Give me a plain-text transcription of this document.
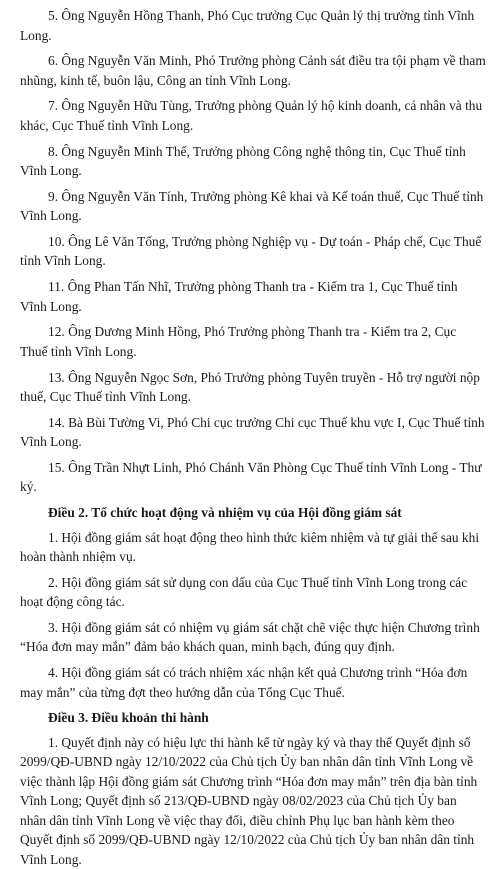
5. Ông Nguyễn Hồng Thanh, Phó Cục trưởng Cục Quản lý thị trường tỉnh Vĩnh Long.

6. Ông Nguyễn Văn Minh, Phó Trưởng phòng Cảnh sát điều tra tội phạm về tham nhũng, kinh tế, buôn lậu, Công an tỉnh Vĩnh Long.

7. Ông Nguyễn Hữu Tùng, Trưởng phòng Quản lý hộ kinh doanh, cá nhân và thu khác, Cục Thuế tỉnh Vĩnh Long.

8. Ông Nguyễn Minh Thế, Trưởng phòng Công nghệ thông tin, Cục Thuế tỉnh Vĩnh Long.

9. Ông Nguyễn Văn Tính, Trưởng phòng Kê khai và Kế toán thuế, Cục Thuế tỉnh Vĩnh Long.

10. Ông Lê Văn Tống, Trưởng phòng Nghiệp vụ - Dự toán - Pháp chế, Cục Thuế tỉnh Vĩnh Long.

11. Ông Phan Tấn Nhĩ, Trưởng phòng Thanh tra - Kiểm tra 1, Cục Thuế tỉnh Vĩnh Long.

12. Ông Dương Minh Hồng, Phó Trưởng phòng Thanh tra - Kiểm tra 2, Cục Thuế tỉnh Vĩnh Long.

13. Ông Nguyễn Ngọc Sơn, Phó Trưởng phòng Tuyên truyền - Hỗ trợ người nộp thuế, Cục Thuế tỉnh Vĩnh Long.

14. Bà Bùi Tường Vi, Phó Chi cục trưởng Chi cục Thuế khu vực I, Cục Thuế tỉnh Vĩnh Long.

15. Ông Trần Nhựt Linh, Phó Chánh Văn Phòng Cục Thuế tỉnh Vĩnh Long - Thư ký.

Điều 2. Tổ chức hoạt động và nhiệm vụ của Hội đồng giám sát

1. Hội đồng giám sát hoạt động theo hình thức kiêm nhiệm và tự giải thể sau khi hoàn thành nhiệm vụ.

2. Hội đồng giám sát sử dụng con dấu của Cục Thuế tỉnh Vĩnh Long trong các hoạt động công tác.

3. Hội đồng giám sát có nhiệm vụ giám sát chặt chẽ việc thực hiện Chương trình “Hóa đơn may mắn” đảm bảo khách quan, minh bạch, đúng quy định.

4. Hội đồng giám sát có trách nhiệm xác nhận kết quả Chương trình “Hóa đơn may mắn” của từng đợt theo hướng dẫn của Tổng Cục Thuế.

Điều 3. Điều khoản thi hành

1. Quyết định này có hiệu lực thi hành kể từ ngày ký và thay thế Quyết định số 2099/QĐ-UBND ngày 12/10/2022 của Chủ tịch Ủy ban nhân dân tỉnh Vĩnh Long về việc thành lập Hội đồng giám sát Chương trình “Hóa đơn may mắn” trên địa bàn tỉnh Vĩnh Long; Quyết định số 213/QĐ-UBND ngày 08/02/2023 của Chủ tịch Ủy ban nhân dân tỉnh Vĩnh Long về việc thay đổi, điều chỉnh Phụ lục ban hành kèm theo Quyết định số 2099/QĐ-UBND ngày 12/10/2022 của Chủ tịch Ủy ban nhân dân tỉnh Vĩnh Long.
